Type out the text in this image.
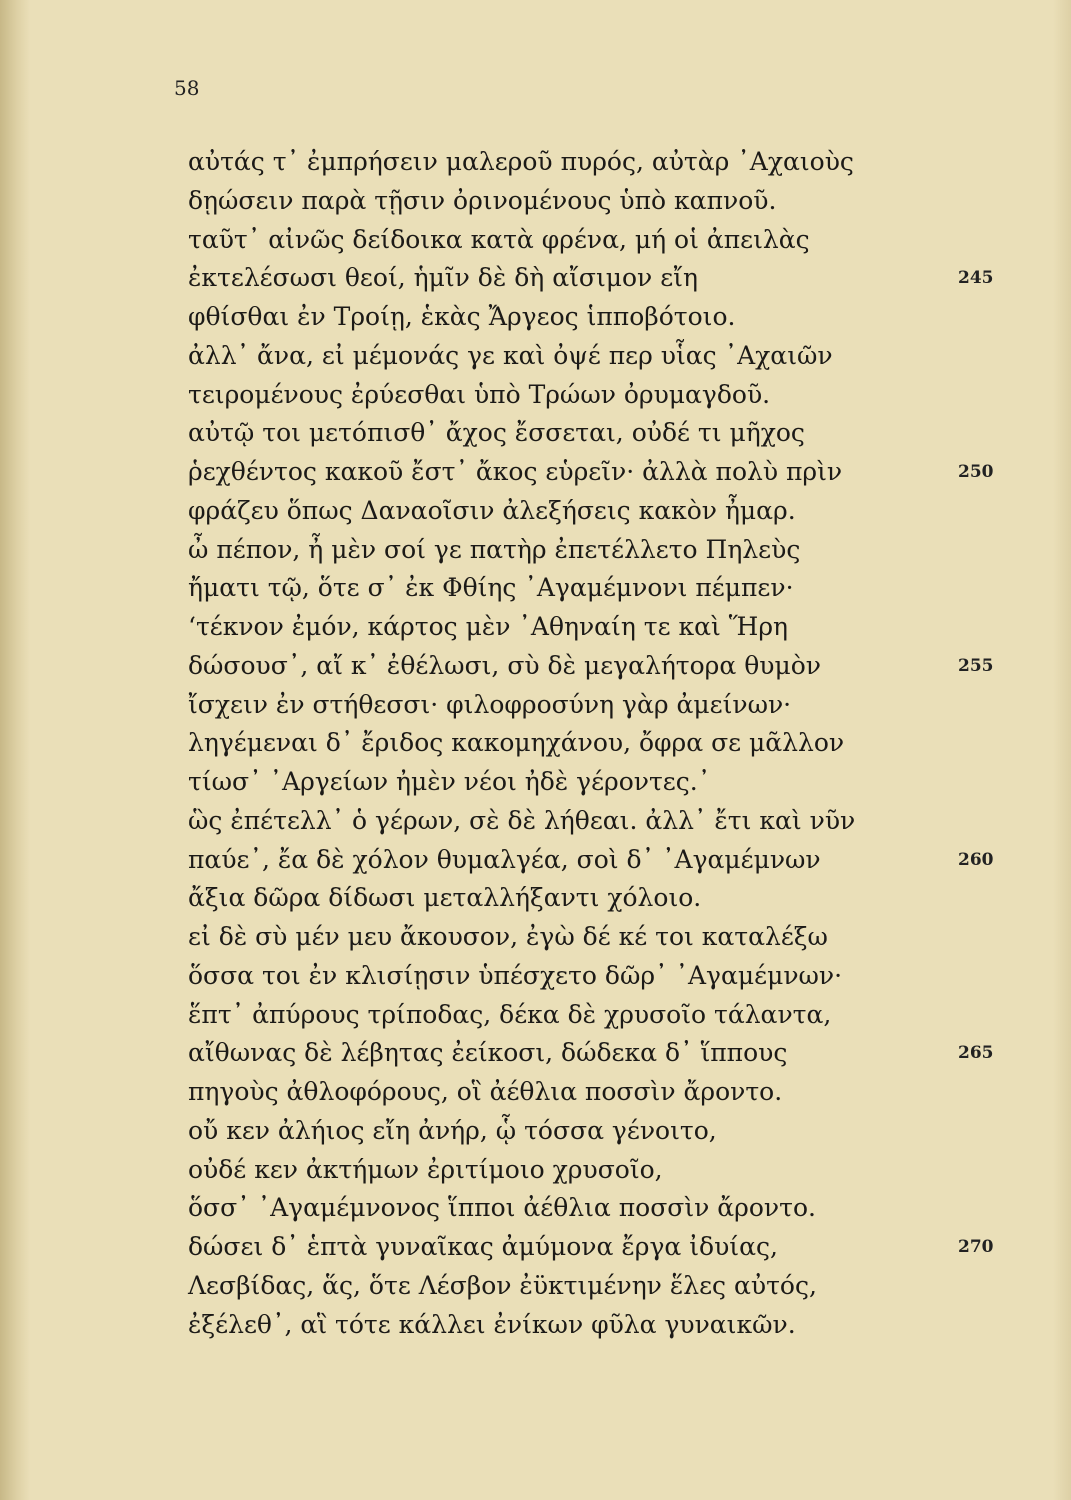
58
αὐτάς τ᾽ ἐμπρήσειν μαλεροῦ πυρός, αὐτὰρ ᾿Αχαιοὺς
δῃώσειν παρὰ τῇσιν ὀρινομένους ὑπὸ καπνοῦ.
ταῦτ᾽ αἰνῶς δείδοικα κατὰ φρένα, μή οἱ ἀπειλὰς
ἐκτελέσωσι θεοί, ἡμῖν δὲ δὴ αἴσιμον εἴη	245
φθίσθαι ἐν Τροίῃ, ἑκὰς Ἄργεος ἱπποβότοιο.
ἀλλ᾽ ἄνα, εἰ μέμονάς γε καὶ ὀψέ περ υἷας ᾿Αχαιῶν
τειρομένους ἐρύεσθαι ὑπὸ Τρώων ὀρυμαγδοῦ.
αὐτῷ τοι μετόπισθ᾽ ἄχος ἔσσεται, οὐδέ τι μῆχος
ῥεχθέντος κακοῦ ἔστ᾽ ἄκος εὑρεῖν· ἀλλὰ πολὺ πρὶν	250
φράζευ ὅπως Δαναοῖσιν ἀλεξήσεις κακὸν ἦμαρ.
ὦ πέπον, ἦ μὲν σοί γε πατὴρ ἐπετέλλετο Πηλεὺς
ἤματι τῷ, ὅτε σ᾽ ἐκ Φθίης ᾿Αγαμέμνονι πέμπεν·
‘τέκνον ἐμόν, κάρτος μὲν ᾿Αθηναίη τε καὶ Ἥρη
δώσουσ᾽, αἴ κ᾽ ἐθέλωσι, σὺ δὲ μεγαλήτορα θυμὸν	255
ἴσχειν ἐν στήθεσσι· φιλοφροσύνη γὰρ ἀμείνων·
ληγέμεναι δ᾽ ἔριδος κακομηχάνου, ὄφρα σε μᾶλλον
τίωσ᾽ ᾿Αργείων ἠμὲν νέοι ἠδὲ γέροντες.᾽
ὣς ἐπέτελλ᾽ ὁ γέρων, σὲ δὲ λήθεαι. ἀλλ᾽ ἔτι καὶ νῦν
παύε᾽, ἔα δὲ χόλον θυμαλγέα, σοὶ δ᾽ ᾿Αγαμέμνων	260
ἄξια δῶρα δίδωσι μεταλλήξαντι χόλοιο.
εἰ δὲ σὺ μέν μευ ἄκουσον, ἐγὼ δέ κέ τοι καταλέξω
ὅσσα τοι ἐν κλισίῃσιν ὑπέσχετο δῶρ᾽ ᾿Αγαμέμνων·
ἕπτ᾽ ἀπύρους τρίποδας, δέκα δὲ χρυσοῖο τάλαντα,
αἴθωνας δὲ λέβητας ἐείκοσι, δώδεκα δ᾽ ἵππους	265
πηγοὺς ἀθλοφόρους, οἳ ἀέθλια ποσσὶν ἄροντο.
οὔ κεν ἀλήιος εἴη ἀνήρ, ᾧ τόσσα γένοιτο,
οὐδέ κεν ἀκτήμων ἐριτίμοιο χρυσοῖο,
ὅσσ᾽ ᾿Αγαμέμνονος ἵπποι ἀέθλια ποσσὶν ἄροντο.
δώσει δ᾽ ἑπτὰ γυναῖκας ἀμύμονα ἔργα ἰδυίας,	270
Λεσβίδας, ἅς, ὅτε Λέσβον ἐϋκτιμένην ἕλες αὐτός,
ἐξέλεθ᾽, αἳ τότε κάλλει ἐνίκων φῦλα γυναικῶν.
